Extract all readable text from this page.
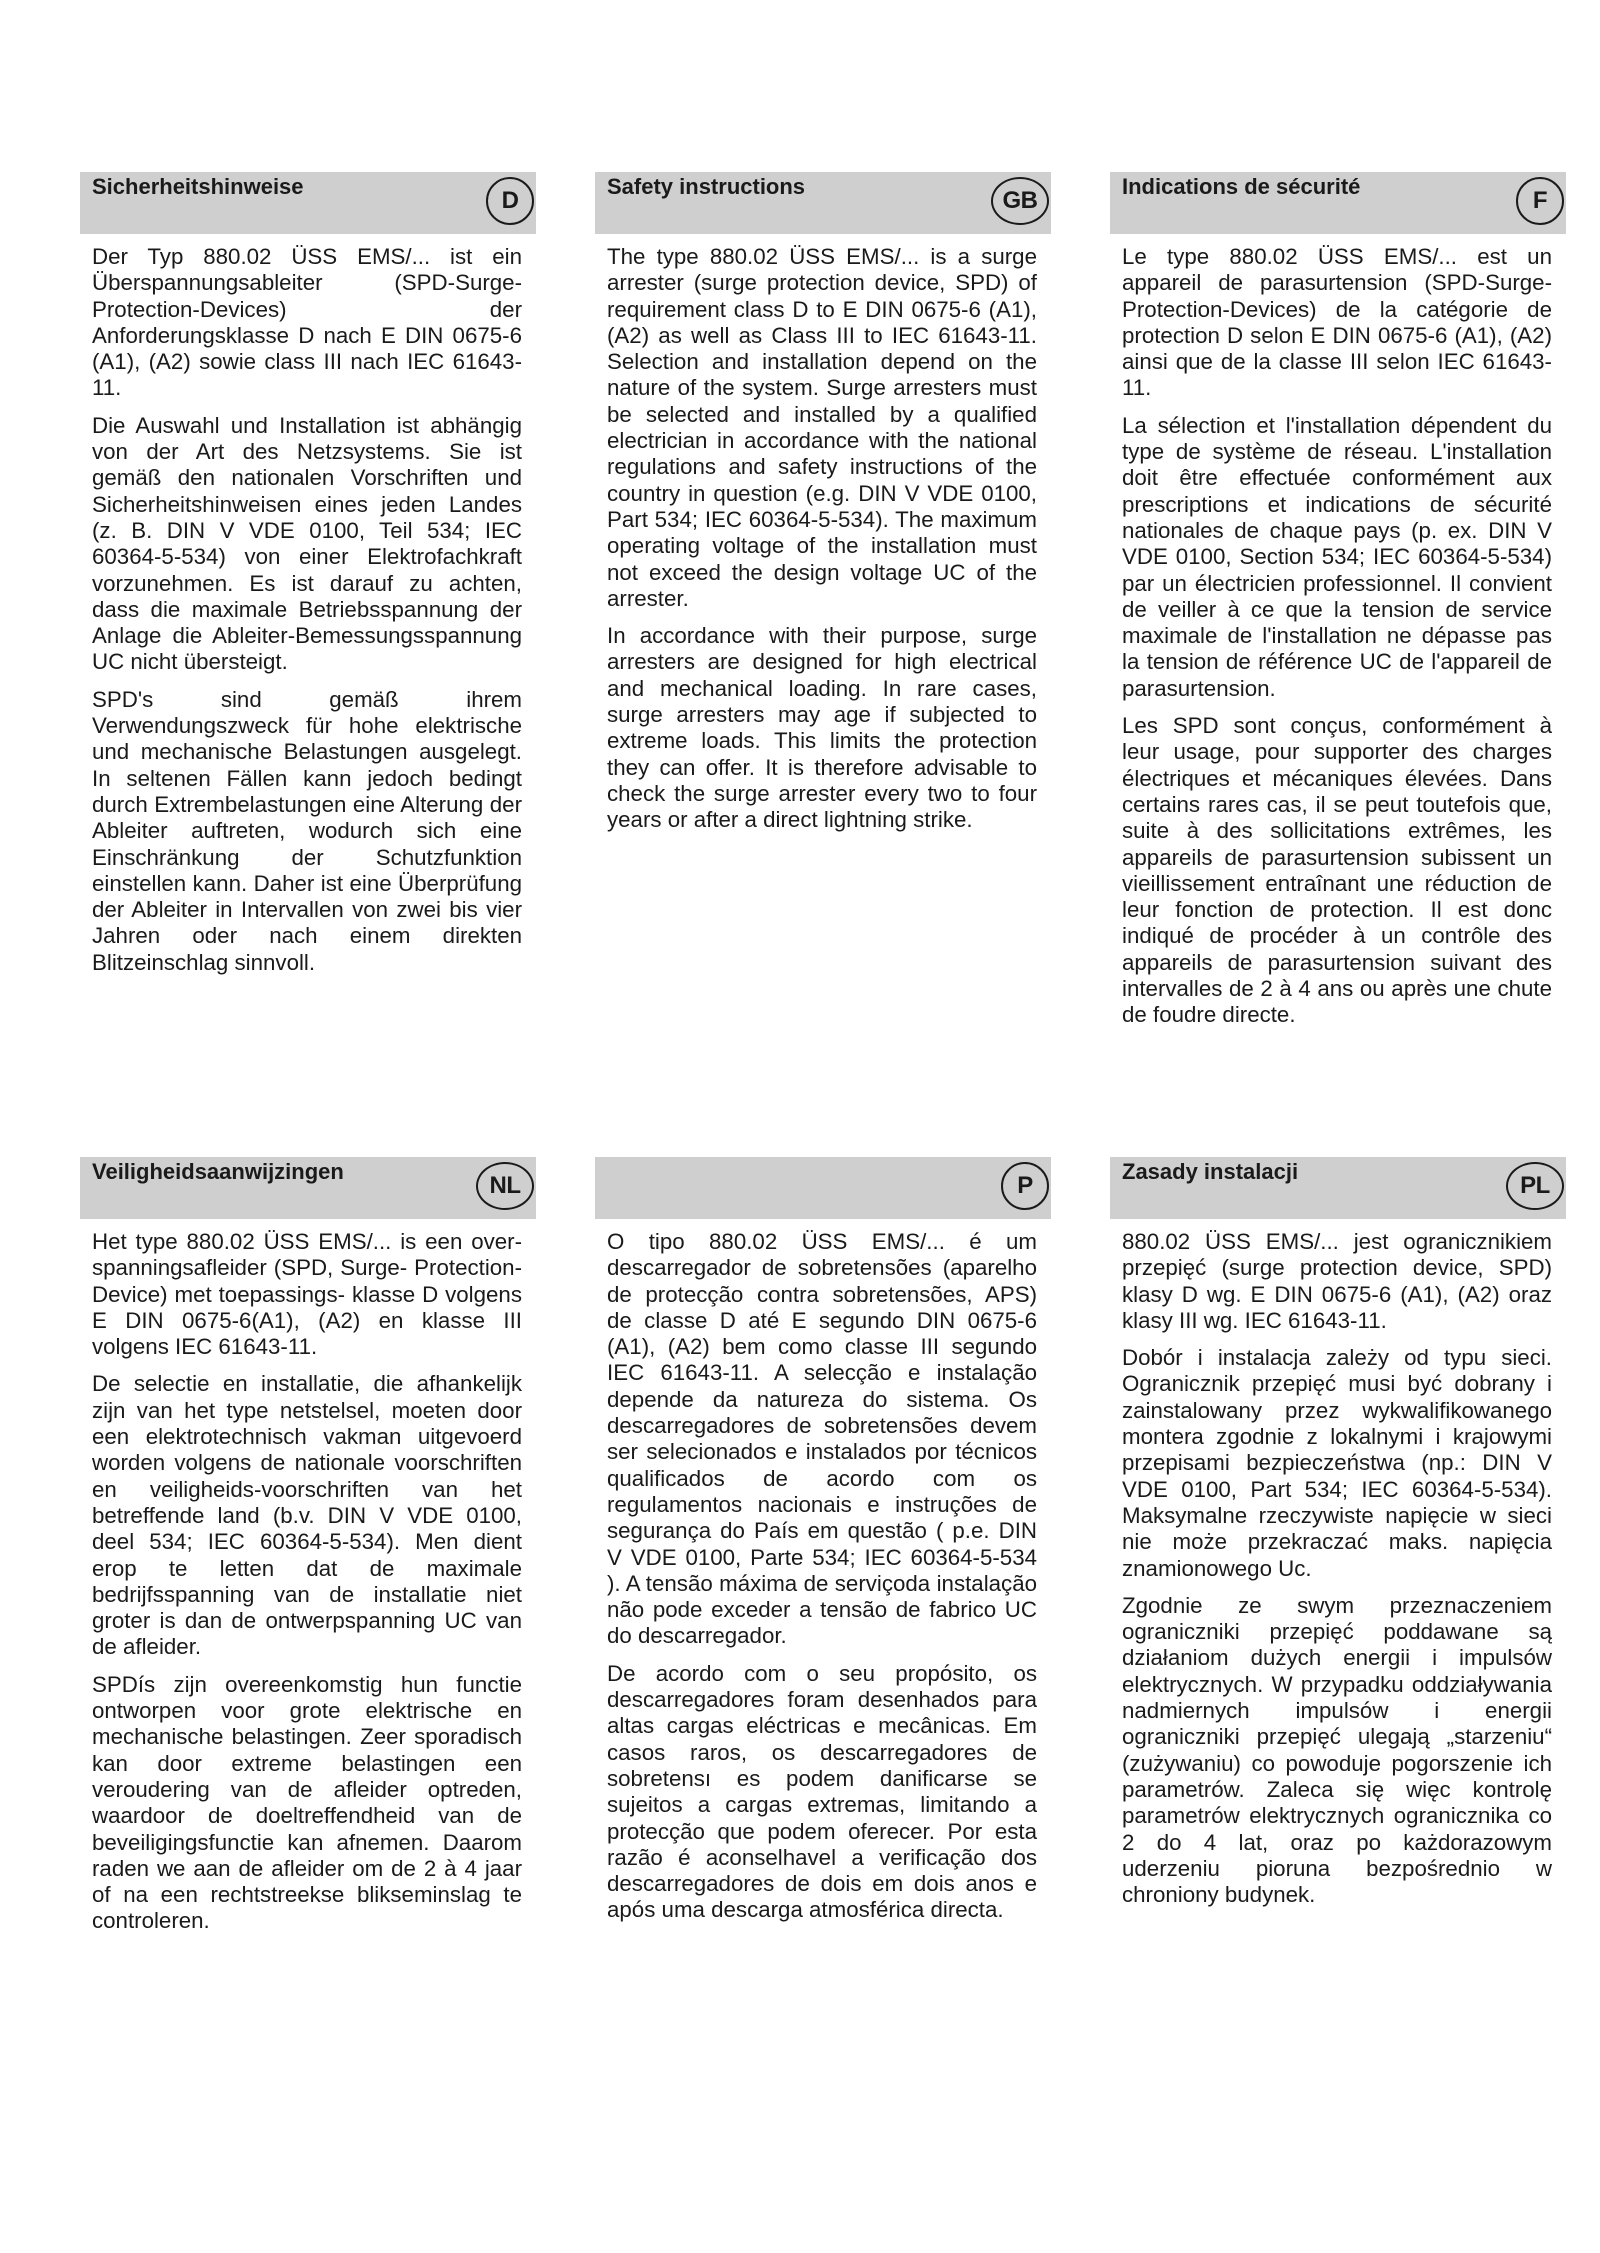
Sicherheitshinweise
D

Der Typ 880.02 ÜSS EMS/... ist ein Überspannungsableiter (SPD-Surge-Protection-Devices) der Anforderungsklasse D nach E DIN 0675-6 (A1), (A2) sowie class III nach IEC 61643-11.

Die Auswahl und Installation ist abhängig von der Art des Netzsystems. Sie ist gemäß den nationalen Vorschriften und Sicherheitshinweisen eines jeden Landes (z. B. DIN V VDE 0100, Teil 534; IEC 60364-5-534) von einer Elektrofachkraft vorzunehmen. Es ist darauf zu achten, dass die maximale Betriebsspannung der Anlage die Ableiter-Bemessungsspannung UC nicht übersteigt.

SPD's sind gemäß ihrem Verwendungszweck für hohe elektrische und mechanische Belastungen ausgelegt. In seltenen Fällen kann jedoch bedingt durch Extrembelastungen eine Alterung der Ableiter auftreten, wodurch sich eine Einschränkung der Schutzfunktion einstellen kann. Daher ist eine Überprüfung der Ableiter in Intervallen von zwei bis vier Jahren oder nach einem direkten Blitzeinschlag sinnvoll.

Safety instructions
GB

The type 880.02 ÜSS EMS/... is a surge arrester (surge protection device, SPD) of requirement class D to E DIN 0675-6 (A1), (A2) as well as Class III to IEC 61643-11. Selection and installation depend on the nature of the system. Surge arresters must be selected and installed by a qualified electrician in accordance with the national regulations and safety instructions of the country in question (e.g. DIN V VDE 0100, Part 534; IEC 60364-5-534). The maximum operating voltage of the installation must not exceed the design voltage UC of the arrester.

In accordance with their purpose, surge arresters are designed for high electrical and mechanical loading. In rare cases, surge arresters may age if subjected to extreme loads. This limits the protection they can offer. It is therefore advisable to check the surge arrester every two to four years or after a direct lightning strike.

Indications de sécurité
F

Le type 880.02 ÜSS EMS/... est un appareil de parasurtension (SPD-Surge- Protection-Devices) de la catégorie de protection D selon E DIN 0675-6 (A1), (A2) ainsi que de la classe III selon IEC 61643-11.

La sélection et l'installation dépendent du type de système de réseau. L'installation doit être effectuée conformément aux prescriptions et indications de sécurité nationales de chaque pays (p. ex. DIN V VDE 0100, Section 534; IEC 60364-5-534) par un électricien professionnel. Il convient de veiller à ce que la tension de service maximale de l'installation ne dépasse pas la tension de référence UC de l'appareil de parasurtension.

Les SPD sont conçus, conformément à leur usage, pour supporter des charges électriques et mécaniques élevées. Dans certains rares cas, il se peut toutefois que, suite à des sollicitations extrêmes, les appareils de parasurtension subissent un vieillissement entraînant une réduction de leur fonction de protection. Il est donc indiqué de procéder à un contrôle des appareils de parasurtension suivant des intervalles de 2 à 4 ans ou après une chute de foudre directe.

Veiligheidsaanwijzingen
NL

Het type 880.02 ÜSS EMS/... is een over- spanningsafleider (SPD, Surge- Protection-Device) met toepassings- klasse D volgens E DIN 0675-6(A1), (A2) en klasse III volgens IEC 61643-11.

De selectie en installatie, die afhankelijk zijn van het type netstelsel, moeten door een elektrotechnisch vakman uitgevoerd worden volgens de nationale voorschriften en veiligheids-voorschriften van het betreffende land (b.v. DIN V VDE 0100, deel 534; IEC 60364-5-534). Men dient erop te letten dat de maximale bedrijfsspanning van de installatie niet groter is dan de ontwerpspanning UC van de afleider.

SPDís zijn overeenkomstig hun functie ontworpen voor grote elektrische en mechanische belastingen. Zeer sporadisch kan door extreme belastingen een veroudering van de afleider optreden, waardoor de doeltreffendheid van de beveiligingsfunctie kan afnemen. Daarom raden we aan de afleider om de 2 à 4 jaar of na een rechtstreekse blikseminslag te controleren.

P

O tipo 880.02 ÜSS EMS/... é um descarregador de sobretensões (aparelho de protecção contra sobretensões, APS) de classe D até E segundo DIN 0675-6 (A1), (A2) bem como classe III segundo IEC 61643-11. A selecção e instalação depende da natureza do sistema. Os descarregadores de sobretensões devem ser selecionados e instalados por técnicos qualificados de acordo com os regulamentos nacionais e instruções de segurança do País em questão ( p.e. DIN V VDE 0100, Parte 534; IEC 60364-5-534 ). A tensão máxima de serviçoda instalação não pode exceder a tensão de fabrico UC do descarregador.

De acordo com o seu propósito, os descarregadores foram desenhados para altas cargas eléctricas e mecânicas. Em casos raros, os descarregadores de sobretensı es podem danificarse se sujeitos a cargas extremas, limitando a protecção que podem oferecer. Por esta razão é aconselhavel a verificação dos descarregadores de dois em dois anos e após uma descarga atmosférica directa.

Zasady instalacji
PL

880.02 ÜSS EMS/... jest ogranicznikiem przepięć (surge protection device, SPD) klasy D wg. E DIN 0675-6 (A1), (A2) oraz klasy III wg. IEC 61643-11.

Dobór i instalacja zależy od typu sieci. Ogranicznik przepięć musi być dobrany i zainstalowany przez wykwalifikowanego montera zgodnie z lokalnymi i krajowymi przepisami bezpieczeństwa (np.: DIN V VDE 0100, Part 534; IEC 60364-5-534). Maksymalne rzeczywiste napięcie w sieci nie może przekraczać maks. napięcia znamionowego Uc.

Zgodnie ze swym przeznaczeniem ograniczniki przepięć poddawane są działaniom dużych energii i impulsów elektrycznych. W przypadku oddziaływania nadmiernych impulsów i energii ograniczniki przepięć ulegają „starzeniu“ (zużywaniu) co powoduje pogorszenie ich parametrów. Zaleca się więc kontrolę parametrów elektrycznych ogranicznika co 2 do 4 lat, oraz po każdorazowym uderzeniu pioruna bezpośrednio w chroniony budynek.
